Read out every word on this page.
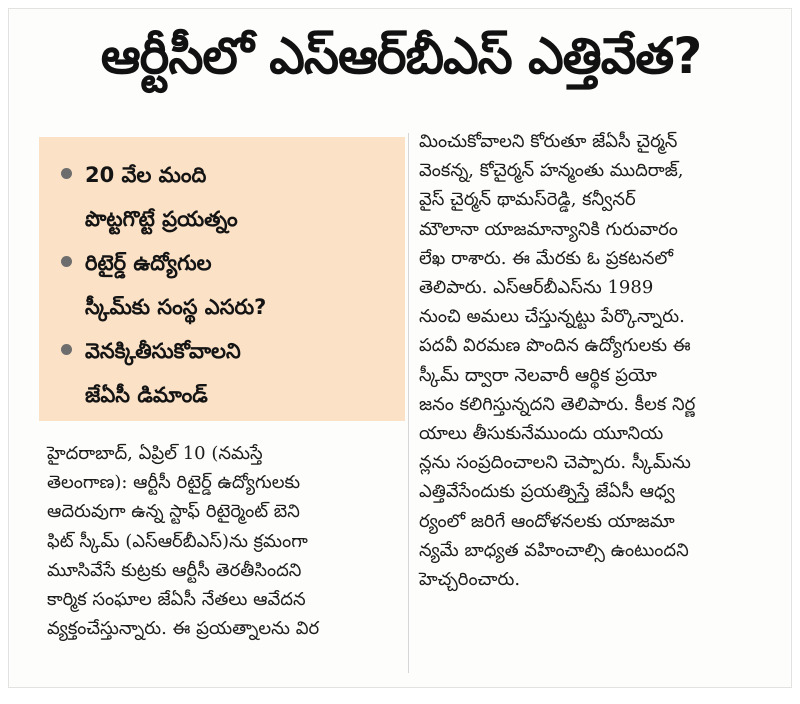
ఆర్టీసీలో ఎస్‌ఆర్‌బీఎస్ ఎత్తివేత?
20 వేల మంది
పొట్టగొట్టే ప్రయత్నం
రిటైర్డ్ ఉద్యోగుల
స్కీమ్‌కు సంస్థ ఎసరు?
వెనక్కితీసుకోవాలని
జేఏసీ డిమాండ్
హైదరాబాద్, ఏప్రిల్ 10 (నమస్తే
తెలంగాణ): ఆర్టీసీ రిటైర్డ్ ఉద్యోగులకు
ఆదెరువుగా ఉన్న స్టాఫ్ రిటైర్మెంట్ బెని
ఫిట్ స్కీమ్ (ఎస్‌ఆర్‌బీఎస్)ను క్రమంగా
మూసివేసే కుట్రకు ఆర్టీసీ తెరతీసిందని
కార్మిక సంఘాల జేఏసీ నేతలు ఆవేదన
వ్యక్తంచేస్తున్నారు. ఈ ప్రయత్నాలను విర
మించుకోవాలని కోరుతూ జేఏసీ చైర్మన్
వెంకన్న, కోచైర్మన్ హన్మంతు ముదిరాజ్,
వైస్ చైర్మన్ థామస్‌రెడ్డి, కన్వీనర్
మౌలానా యాజమాన్యానికి గురువారం
లేఖ రాశారు. ఈ మేరకు ఓ ప్రకటనలో
తెలిపారు. ఎస్‌ఆర్‌బీఎస్‌ను 1989
నుంచి అమలు చేస్తున్నట్టు పేర్కొన్నారు.
పదవీ విరమణ పొందిన ఉద్యోగులకు ఈ
స్కీమ్ ద్వారా నెలవారీ ఆర్థిక ప్రయో
జనం కలిగిస్తున్నదని తెలిపారు. కీలక నిర్ణ
యాలు తీసుకునేముందు యూనియ
న్లను సంప్రదించాలని చెప్పారు. స్కీమ్‌ను
ఎత్తివేసేందుకు ప్రయత్నిస్తే జేఏసీ ఆధ్వ
ర్యంలో జరిగే ఆందోళనలకు యాజమా
న్యమే బాధ్యత వహించాల్సి ఉంటుందని
హెచ్చరించారు.
